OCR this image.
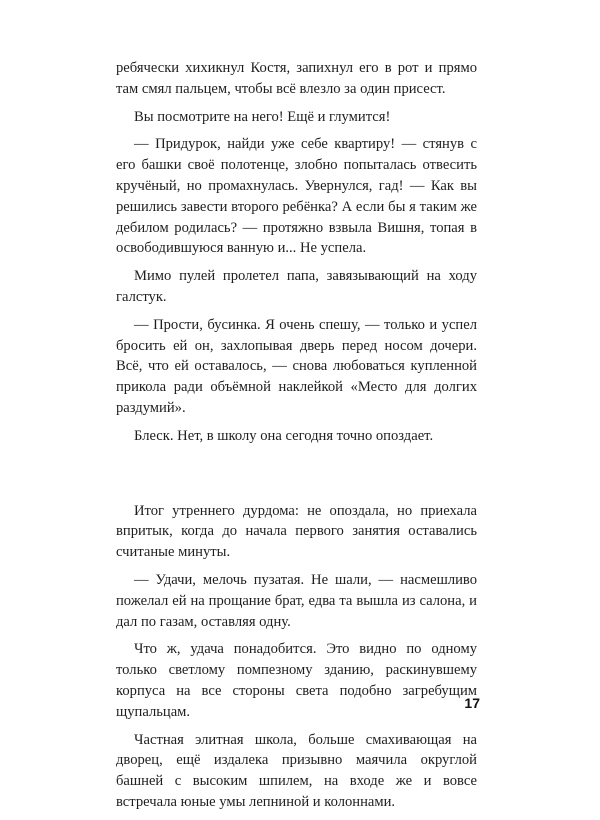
ребячески хихикнул Костя, запихнул его в рот и прямо там смял пальцем, чтобы всё влезло за один присест.

Вы посмотрите на него! Ещё и глумится!

— Придурок, найди уже себе квартиру! — стянув с его башки своё полотенце, злобно попыталась отвесить кручёный, но промахнулась. Увернулся, гад! — Как вы решились завести второго ребёнка? А если бы я таким же дебилом родилась? — протяжно взвыла Вишня, топая в освободившуюся ванную и... Не успела.

Мимо пулей пролетел папа, завязывающий на ходу галстук.

— Прости, бусинка. Я очень спешу, — только и успел бросить ей он, захлопывая дверь перед носом дочери. Всё, что ей оставалось, — снова любоваться купленной прикола ради объёмной наклейкой «Место для долгих раздумий».

Блеск. Нет, в школу она сегодня точно опоздает.

Итог утреннего дурдома: не опоздала, но приехала впритык, когда до начала первого занятия оставались считаные минуты.

— Удачи, мелочь пузатая. Не шали, — насмешливо пожелал ей на прощание брат, едва та вышла из салона, и дал по газам, оставляя одну.

Что ж, удача понадобится. Это видно по одному только светлому помпезному зданию, раскинувшему корпуса на все стороны света подобно загребущим щупальцам.

Частная элитная школа, больше смахивающая на дворец, ещё издалека призывно маячила округлой башней с высоким шпилем, на входе же и вовсе встречала юные умы лепниной и колоннами.

17
